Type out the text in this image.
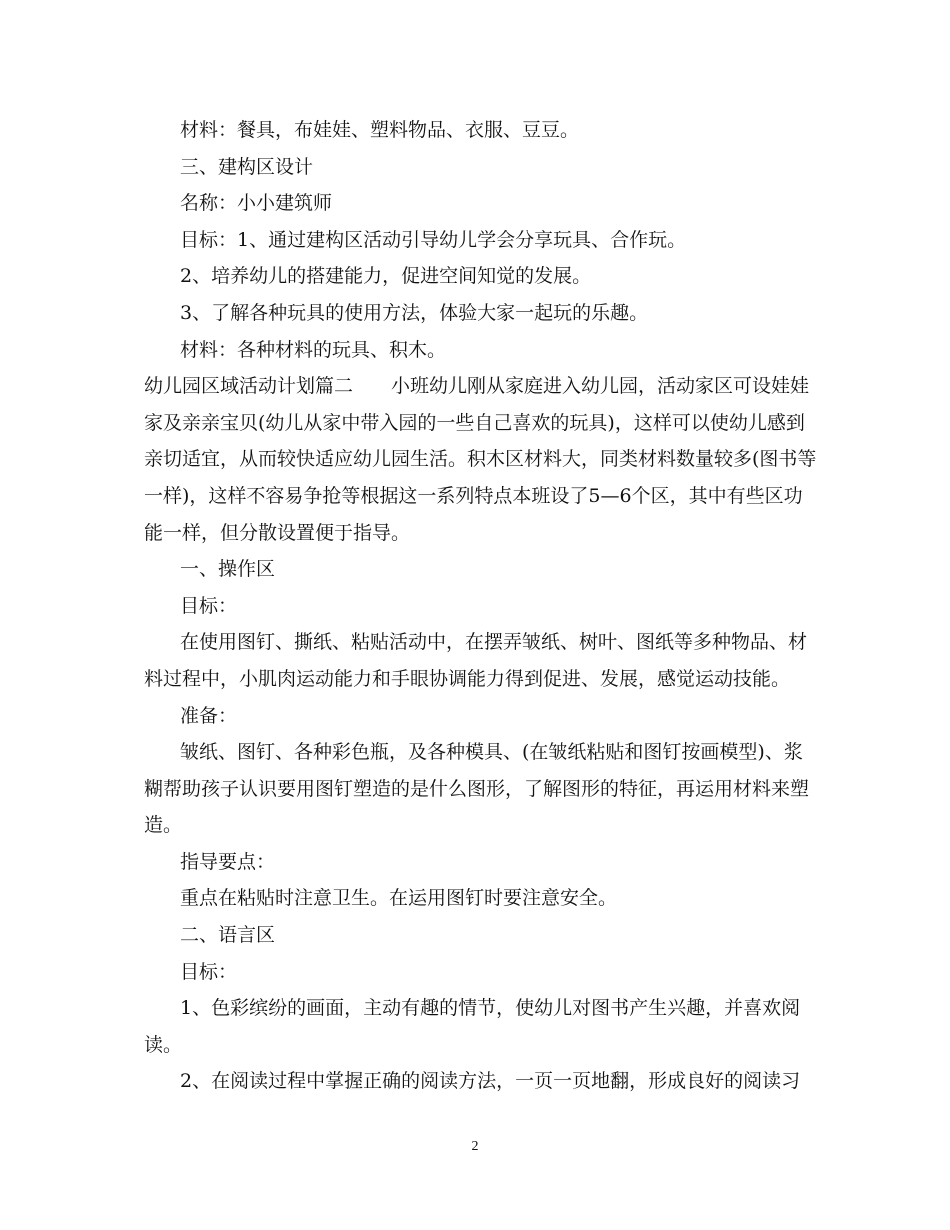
材料：餐具，布娃娃、塑料物品、衣服、豆豆。

三、建构区设计

名称：小小建筑师

目标：1、通过建构区活动引导幼儿学会分享玩具、合作玩。

2、培养幼儿的搭建能力，促进空间知觉的发展。

3、了解各种玩具的使用方法，体验大家一起玩的乐趣。

材料：各种材料的玩具、积木。

幼儿园区域活动计划篇二 小班幼儿刚从家庭进入幼儿园，活动家区可设娃娃

家及亲亲宝贝(幼儿从家中带入园的一些自己喜欢的玩具)，这样可以使幼儿感到

亲切适宜，从而较快适应幼儿园生活。积木区材料大，同类材料数量较多(图书等

一样)，这样不容易争抢等根据这一系列特点本班设了5—6个区，其中有些区功

能一样，但分散设置便于指导。

一、操作区

目标：

在使用图钉、撕纸、粘贴活动中，在摆弄皱纸、树叶、图纸等多种物品、材

料过程中，小肌肉运动能力和手眼协调能力得到促进、发展，感觉运动技能。

准备：

皱纸、图钉、各种彩色瓶，及各种模具、(在皱纸粘贴和图钉按画模型)、浆

糊帮助孩子认识要用图钉塑造的是什么图形，了解图形的特征，再运用材料来塑

造。

指导要点：

重点在粘贴时注意卫生。在运用图钉时要注意安全。

二、语言区

目标：

1、色彩缤纷的画面，主动有趣的情节，使幼儿对图书产生兴趣，并喜欢阅

读。

2、在阅读过程中掌握正确的阅读方法，一页一页地翻，形成良好的阅读习

2
